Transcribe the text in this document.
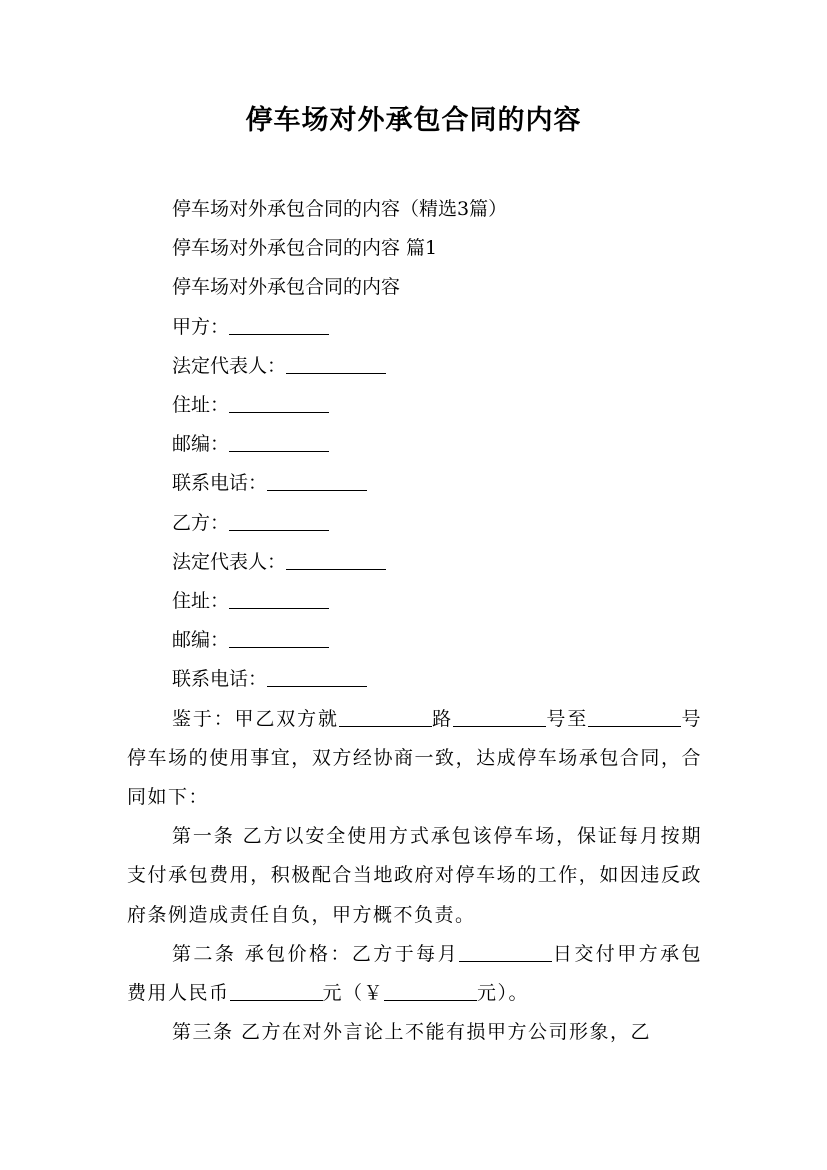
停车场对外承包合同的内容

停车场对外承包合同的内容（精选3篇）

停车场对外承包合同的内容 篇1

停车场对外承包合同的内容

甲方：

法定代表人：

住址：

邮编：

联系电话：

乙方：

法定代表人：

住址：

邮编：

联系电话：

鉴于：甲乙双方就	路	号至	号停车场的使用事宜，双方经协商一致，达成停车场承包合同，合同如下：

第一条 乙方以安全使用方式承包该停车场，保证每月按期支付承包费用，积极配合当地政府对停车场的工作，如因违反政府条例造成责任自负，甲方概不负责。

第二条 承包价格：乙方于每月	日交付甲方承包费用人民币	元（￥	元）。

第三条 乙方在对外言论上不能有损甲方公司形象，乙
